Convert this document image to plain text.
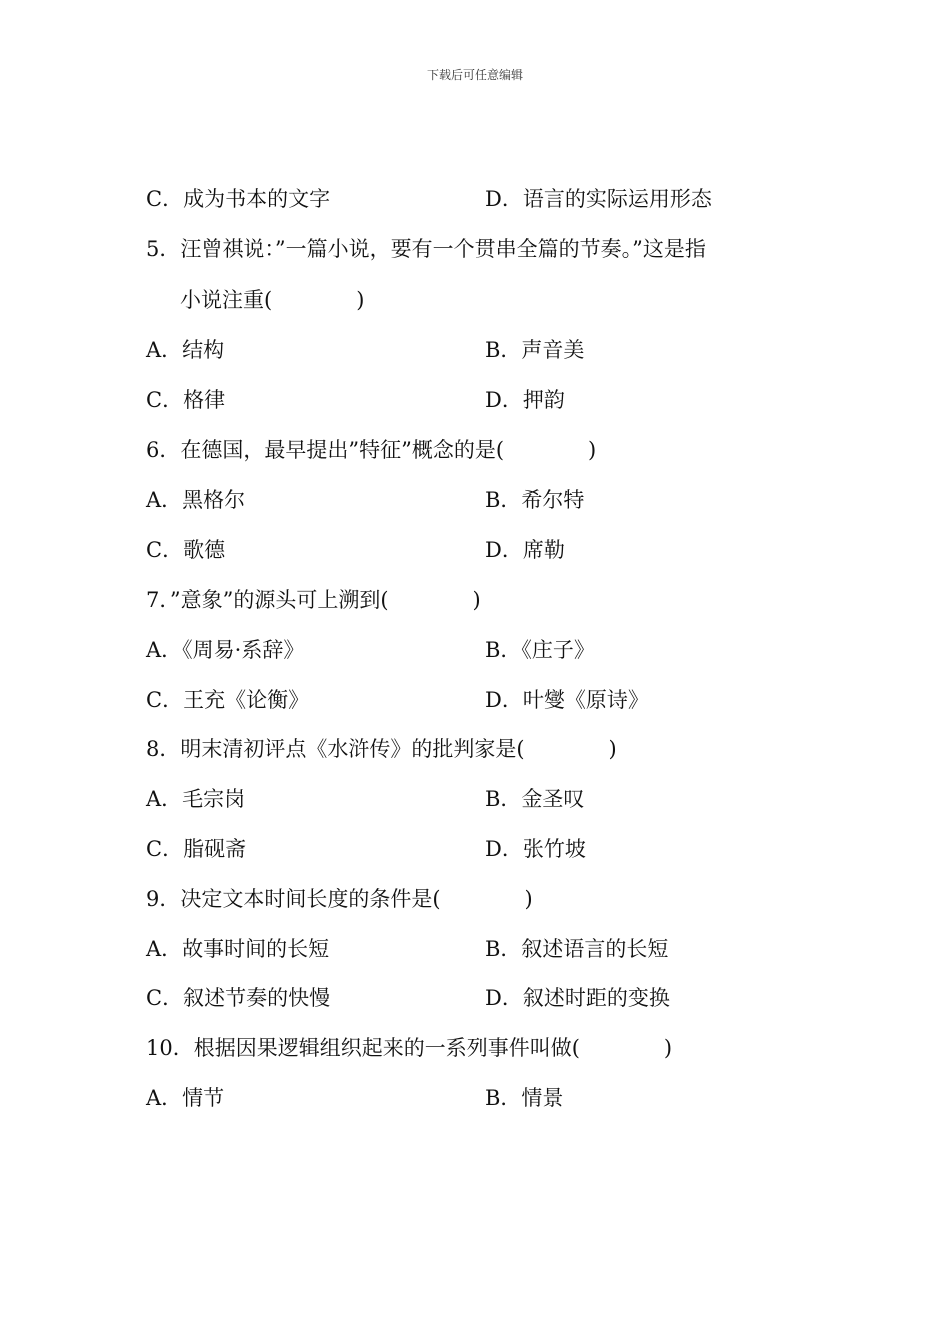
下载后可任意编辑
C．成为书本的文字	D．语言的实际运用形态
5．汪曾祺说：”一篇小说，要有一个贯串全篇的节奏。”这是指
小说注重(　　　　)
A．结构	B．声音美
C．格律	D．押韵
6．在德国，最早提出”特征”概念的是(　　　　)
A．黑格尔	B．希尔特
C．歌德	D．席勒
7．”意象”的源头可上溯到(　　　　)
A．《周易·系辞》	B．《庄子》
C．王充《论衡》	D．叶燮《原诗》
8．明末清初评点《水浒传》的批判家是(　　　　)
A．毛宗岗	B．金圣叹
C．脂砚斋	D．张竹坡
9．决定文本时间长度的条件是(　　　　)
A．故事时间的长短	B．叙述语言的长短
C．叙述节奏的快慢	D．叙述时距的变换
10．根据因果逻辑组织起来的一系列事件叫做(　　　　)
A．情节	B．情景
